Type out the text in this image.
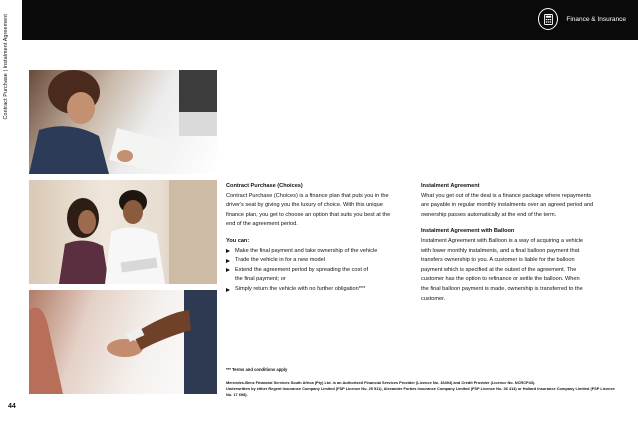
Contract Purchase | Instalment Agreement	Finance & Insurance
Contract Purchase (Choices)
Contract Purchase (Choices) is a finance plan that puts you in the
driver's seat by giving you the luxury of choice. With this unique
finance plan, you get to choose an option that suits you best at the
end of the agreement period.
You can:
Make the final payment and take ownership of the vehicle
Trade the vehicle in for a new model
Extend the agreement period by spreading the cost of
the final payment; or
Simply return the vehicle with no further obligation***
Instalment Agreement
What you get out of the deal is a finance package where repayments
are payable in regular monthly instalments over an agreed period and
ownership passes automatically at the end of the term.
Instalment Agreement with Balloon
Instalment Agreement with Balloon is a way of acquiring a vehicle
with lower monthly instalments, and a final balloon payment that
transfers ownership to you. A customer is liable for the balloon
payment which is specified at the outset of the agreement. The
customer has the option to refinance or settle the balloon. When
the final balloon payment is made, ownership is transferred to the
customer.
*** Terms and conditions apply
Mercedes-Benz Financial Services South Africa (Pty) Ltd. is an Authorised Financial Services Provider (Licence No. 16494) and Credit Provider (Licence No. NCRCP43).
Underwritten by either Regent Insurance Company Limited (FSP Licence No. 25 511), Alexander Forbes Insurance Company Limited (FSP Licence No. 36 414) or Hollard Insurance Company Limited (FSP Licence No. 17 698).
44
